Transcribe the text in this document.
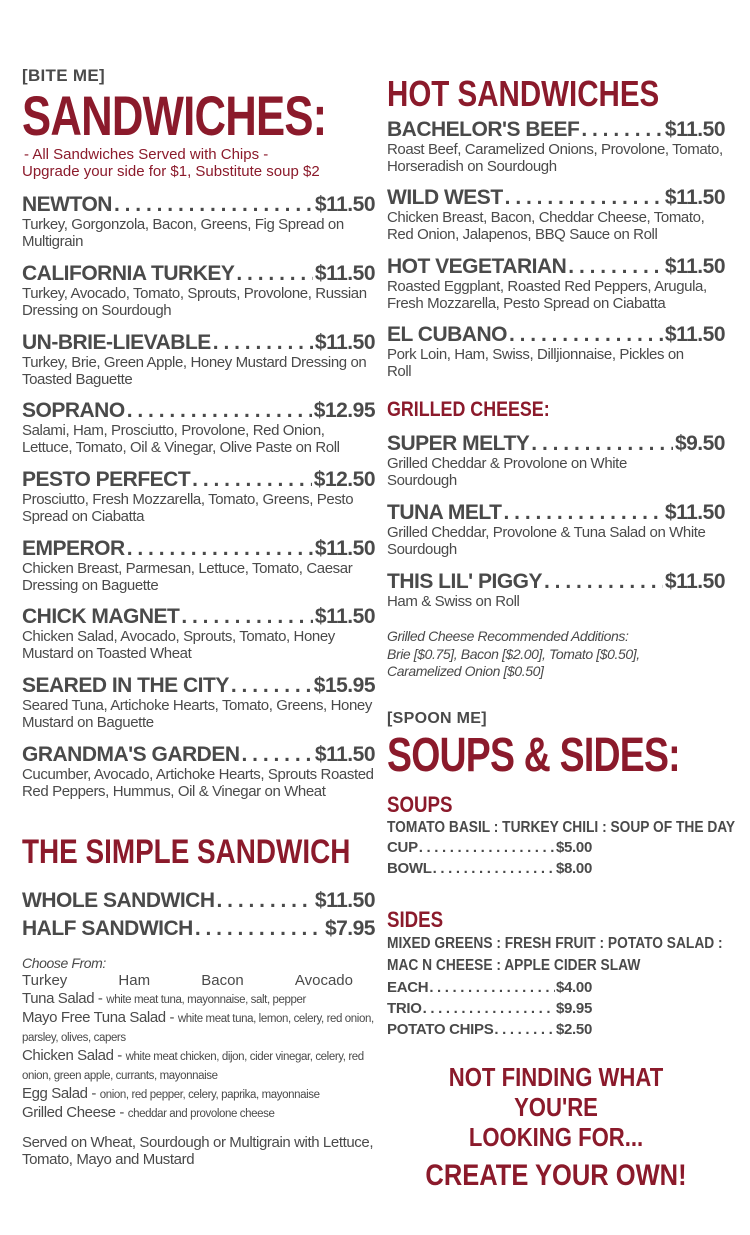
[BITE ME]
SANDWICHES:
- All Sandwiches Served with Chips -
Upgrade your side for $1, Substitute soup $2
NEWTON . . .	$11.50
Turkey, Gorgonzola, Bacon, Greens, Fig Spread on Multigrain
CALIFORNIA TURKEY . . .	$11.50
Turkey, Avocado, Tomato, Sprouts, Provolone, Russian Dressing on Sourdough
UN-BRIE-LIEVABLE . . .	$11.50
Turkey, Brie, Green Apple, Honey Mustard Dressing on Toasted Baguette
SOPRANO . . .	$12.95
Salami, Ham, Prosciutto, Provolone, Red Onion, Lettuce, Tomato, Oil & Vinegar, Olive Paste on Roll
PESTO PERFECT . . .	$12.50
Prosciutto, Fresh Mozzarella, Tomato, Greens, Pesto Spread on Ciabatta
EMPEROR . . .	$11.50
Chicken Breast, Parmesan, Lettuce, Tomato, Caesar Dressing on Baguette
CHICK MAGNET . . .	$11.50
Chicken Salad, Avocado, Sprouts, Tomato, Honey Mustard on Toasted Wheat
SEARED IN THE CITY . . .	$15.95
Seared Tuna, Artichoke Hearts, Tomato, Greens, Honey Mustard on Baguette
GRANDMA'S GARDEN . . .	$11.50
Cucumber, Avocado, Artichoke Hearts, Sprouts Roasted Red Peppers, Hummus, Oil & Vinegar on Wheat
THE SIMPLE SANDWICH
WHOLE SANDWICH . . .	$11.50
HALF SANDWICH . . .	$7.95
Choose From:
Turkey	Ham	Bacon	Avocado
Tuna Salad - white meat tuna, mayonnaise, salt, pepper
Mayo Free Tuna Salad - white meat tuna, lemon, celery, red onion, parsley, olives, capers
Chicken Salad - white meat chicken, dijon, cider vinegar, celery, red onion, green apple, currants, mayonnaise
Egg Salad - onion, red pepper, celery, paprika, mayonnaise
Grilled Cheese - cheddar and provolone cheese
Served on Wheat, Sourdough or Multigrain with Lettuce, Tomato, Mayo and Mustard
HOT SANDWICHES
BACHELOR'S BEEF . . .	$11.50
Roast Beef, Caramelized Onions, Provolone, Tomato, Horseradish on Sourdough
WILD WEST . . .	$11.50
Chicken Breast, Bacon, Cheddar Cheese, Tomato, Red Onion, Jalapenos, BBQ Sauce on Roll
HOT VEGETARIAN . . .	$11.50
Roasted Eggplant, Roasted Red Peppers, Arugula, Fresh Mozzarella, Pesto Spread on Ciabatta
EL CUBANO . . .	$11.50
Pork Loin, Ham, Swiss, Dilljionnaise, Pickles on Roll
GRILLED CHEESE:
SUPER MELTY . . .	$9.50
Grilled Cheddar & Provolone on White Sourdough
TUNA MELT . . .	$11.50
Grilled Cheddar, Provolone & Tuna Salad on White Sourdough
THIS LIL' PIGGY . . .	$11.50
Ham & Swiss on Roll
Grilled Cheese Recommended Additions:
Brie [$0.75], Bacon [$2.00], Tomato [$0.50], Caramelized Onion [$0.50]
[SPOON ME]
SOUPS & SIDES:
SOUPS
TOMATO BASIL : TURKEY CHILI : SOUP OF THE DAY
CUP . . .	$5.00
BOWL . . .	$8.00
SIDES
MIXED GREENS : FRESH FRUIT : POTATO SALAD :
MAC N CHEESE : APPLE CIDER SLAW
EACH . . .	$4.00
TRIO . . .	$9.95
POTATO CHIPS . . .	$2.50
NOT FINDING WHAT YOU'RE
LOOKING FOR...
CREATE YOUR OWN!
